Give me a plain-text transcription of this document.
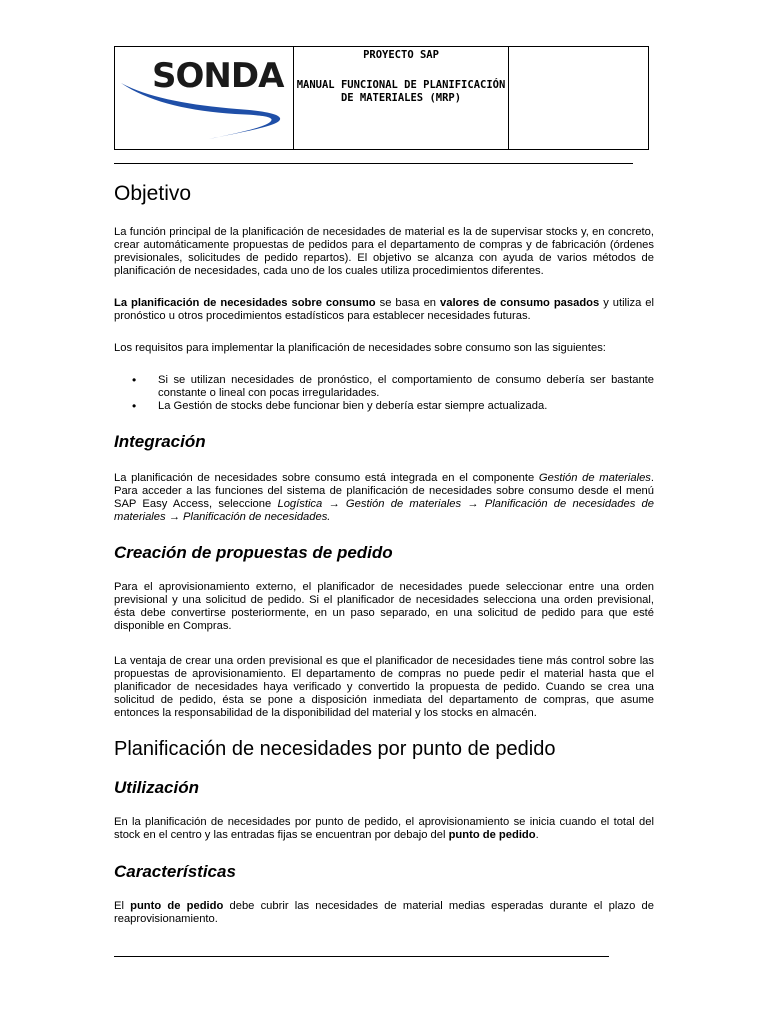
SONDA
PROYECTO SAP
MANUAL FUNCIONAL DE PLANIFICACIÓN DE MATERIALES (MRP)
Objetivo

La función principal de la planificación de necesidades de material es la de supervisar stocks y, en concreto, crear automáticamente propuestas de pedidos para el departamento de compras y de fabricación (órdenes previsionales, solicitudes de pedido repartos). El objetivo se alcanza con ayuda de varios métodos de planificación de necesidades, cada uno de los cuales utiliza procedimientos diferentes.

La planificación de necesidades sobre consumo se basa en valores de consumo pasados y utiliza el pronóstico u otros procedimientos estadísticos para establecer necesidades futuras.

Los requisitos para implementar la planificación de necesidades sobre consumo son las siguientes:

• Si se utilizan necesidades de pronóstico, el comportamiento de consumo debería ser bastante constante o lineal con pocas irregularidades.
• La Gestión de stocks debe funcionar bien y debería estar siempre actualizada.
Integración

La planificación de necesidades sobre consumo está integrada en el componente Gestión de materiales. Para acceder a las funciones del sistema de planificación de necesidades sobre consumo desde el menú SAP Easy Access, seleccione Logística → Gestión de materiales → Planificación de necesidades de materiales → Planificación de necesidades.

Creación de propuestas de pedido

Para el aprovisionamiento externo, el planificador de necesidades puede seleccionar entre una orden previsional y una solicitud de pedido. Si el planificador de necesidades selecciona una orden previsional, ésta debe convertirse posteriormente, en un paso separado, en una solicitud de pedido para que esté disponible en Compras.

La ventaja de crear una orden previsional es que el planificador de necesidades tiene más control sobre las propuestas de aprovisionamiento. El departamento de compras no puede pedir el material hasta que el planificador de necesidades haya verificado y convertido la propuesta de pedido. Cuando se crea una solicitud de pedido, ésta se pone a disposición inmediata del departamento de compras, que asume entonces la responsabilidad de la disponibilidad del material y los stocks en almacén.

Planificación de necesidades por punto de pedido
Utilización

En la planificación de necesidades por punto de pedido, el aprovisionamiento se inicia cuando el total del stock en el centro y las entradas fijas se encuentran por debajo del punto de pedido.

Características

El punto de pedido debe cubrir las necesidades de material medias esperadas durante el plazo de reaprovisionamiento.
